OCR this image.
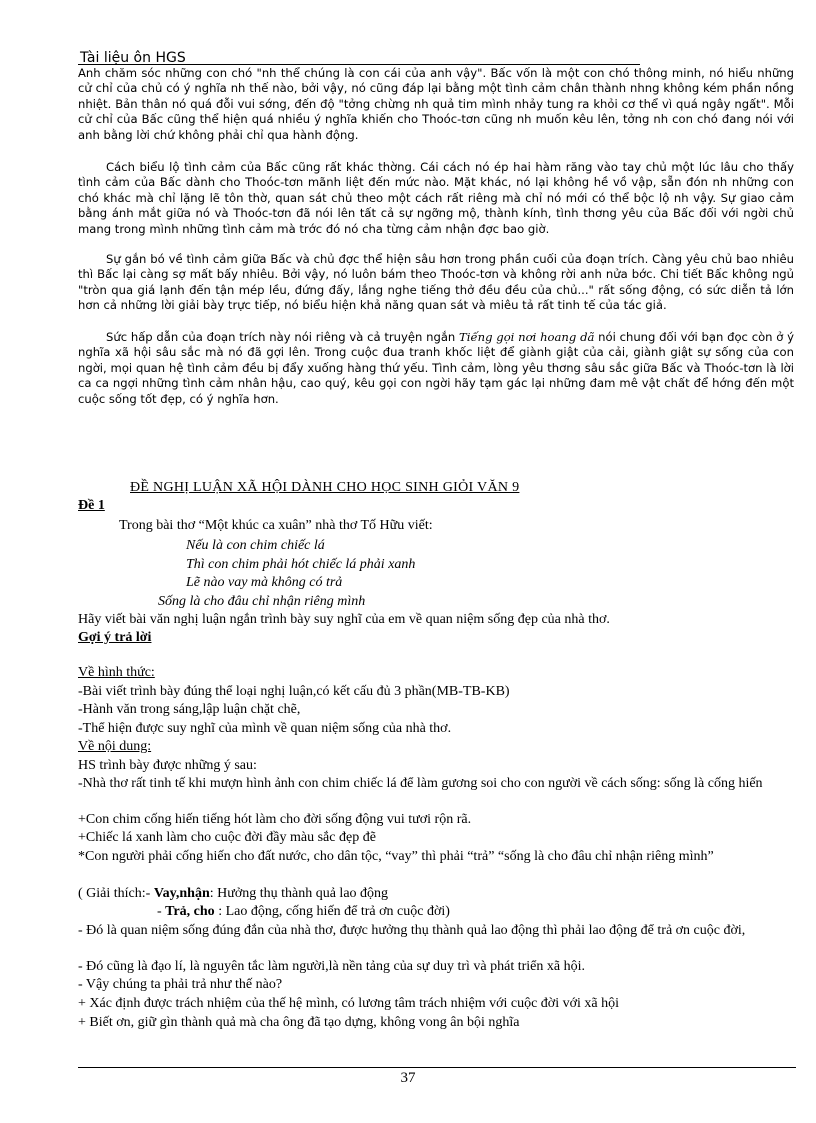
Tài liệu ôn HGS

Anh chăm sóc những con chó "nh thể chúng là con cái của anh vậy". Bấc vốn là một con chó thông minh, nó hiểu những cử chỉ của chủ có ý nghĩa nh thế nào, bởi vậy, nó cũng đáp lại bằng một tình cảm chân thành nhng không kém phần nồng nhiệt. Bản thân nó quá đỗi vui sớng, đến độ "tởng chừng nh quả tim mình nhảy tung ra khỏi cơ thể vì quá ngây ngất". Mỗi cử chỉ của Bấc cũng thể hiện quá nhiều ý nghĩa khiến cho Thoóc-tơn cũng nh muốn kêu lên, tởng nh con chó đang nói với anh bằng lời chứ không phải chỉ qua hành động.

Cách biểu lộ tình cảm của Bấc cũng rất khác thờng. Cái cách nó ép hai hàm răng vào tay chủ một lúc lâu cho thấy tình cảm của Bấc dành cho Thoóc-tơn mãnh liệt đến mức nào. Mặt khác, nó lại không hề vồ vập, sẵn đón nh những con chó khác mà chỉ lặng lẽ tôn thờ, quan sát chủ theo một cách rất riêng mà chỉ nó mới có thể bộc lộ nh vậy. Sự giao cảm bằng ánh mắt giữa nó và Thoóc-tơn đã nói lên tất cả sự ngỡng mộ, thành kính, tình thơng yêu của Bấc đối với ngời chủ mang trong mình những tình cảm mà trớc đó nó cha từng cảm nhận đợc bao giờ.

Sự gắn bó về tình cảm giữa Bấc và chủ đợc thể hiện sâu hơn trong phần cuối của đoạn trích. Càng yêu chủ bao nhiêu thì Bấc lại càng sợ mất bấy nhiêu. Bởi vậy, nó luôn bám theo Thoóc-tơn và không rời anh nửa bớc. Chi tiết Bấc không ngủ "tròn qua giá lạnh đến tận mép lều, đứng đấy, lắng nghe tiếng thở đều đều của chủ..." rất sống động, có sức diễn tả lớn hơn cả những lời giải bày trực tiếp, nó biểu hiện khả năng quan sát và miêu tả rất tinh tế của tác giả.

Sức hấp dẫn của đoạn trích này nói riêng và cả truyện ngắn Tiếng gọi nơi hoang dã nói chung đối với bạn đọc còn ở ý nghĩa xã hội sâu sắc mà nó đã gợi lên. Trong cuộc đua tranh khốc liệt để giành giật của cải, giành giật sự sống của con ngời, mọi quan hệ tình cảm đều bị đẩy xuống hàng thứ yếu. Tình cảm, lòng yêu thơng sâu sắc giữa Bấc và Thoóc-tơn là lời ca ca ngợi những tình cảm nhân hậu, cao quý, kêu gọi con ngời hãy tạm gác lại những đam mê vật chất để hớng đến một cuộc sống tốt đẹp, có ý nghĩa hơn.

ĐỀ NGHỊ LUẬN XÃ HỘI DÀNH CHO HỌC SINH GIỎI VĂN 9
Đề 1
Trong bài thơ “Một khúc ca xuân” nhà thơ Tố Hữu viết:
Nếu là con chim chiếc lá
Thì con chim phải hót chiếc lá phải xanh
Lẽ nào vay mà không có trả
Sống là cho đâu chỉ nhận riêng mình
Hãy viết bài văn nghị luận ngắn trình bày suy nghĩ của em về quan niệm sống đẹp của nhà thơ.
Gợi ý trả lời
Về hình thức:
-Bài viết trình bày đúng thể loại nghị luận,có kết cấu đủ 3 phần(MB-TB-KB)
-Hành văn trong sáng,lập luận chặt chẽ,
-Thể hiện được suy nghĩ của mình về quan niệm sống của nhà thơ.
Về nội dung:
HS trình bày được những ý sau:

-Nhà thơ rất tinh tế khi mượn hình ảnh con chim chiếc lá để làm gương soi cho con người về cách sống: sống là cống hiến

+Con chim cống hiến tiếng hót làm cho đời sống động vui tươi rộn rã.
+Chiếc lá xanh làm cho cuộc đời đầy màu sắc đẹp đẽ

*Con người phải cống hiến cho đất nước, cho dân tộc, “vay” thì phải “trả” “sống là cho đâu chỉ nhận riêng mình”

( Giải thích:- Vay,nhận: Hưởng thụ thành quả lao động
- Trả, cho : Lao động, cống hiến để trả ơn cuộc đời)

- Đó là quan niệm sống đúng đắn của nhà thơ, được hưởng thụ thành quả lao động thì phải lao động để trả ơn cuộc đời,

- Đó cũng là đạo lí, là nguyên tắc làm người,là nền tảng của sự duy trì và phát triển xã hội.
- Vậy chúng ta phải trả như thế nào?
+ Xác định được trách nhiệm của thế hệ mình, có lương tâm trách nhiệm với cuộc đời với xã hội
+ Biết ơn, giữ gìn thành quả mà cha ông đã tạo dựng, không vong ân bội nghĩa
37
